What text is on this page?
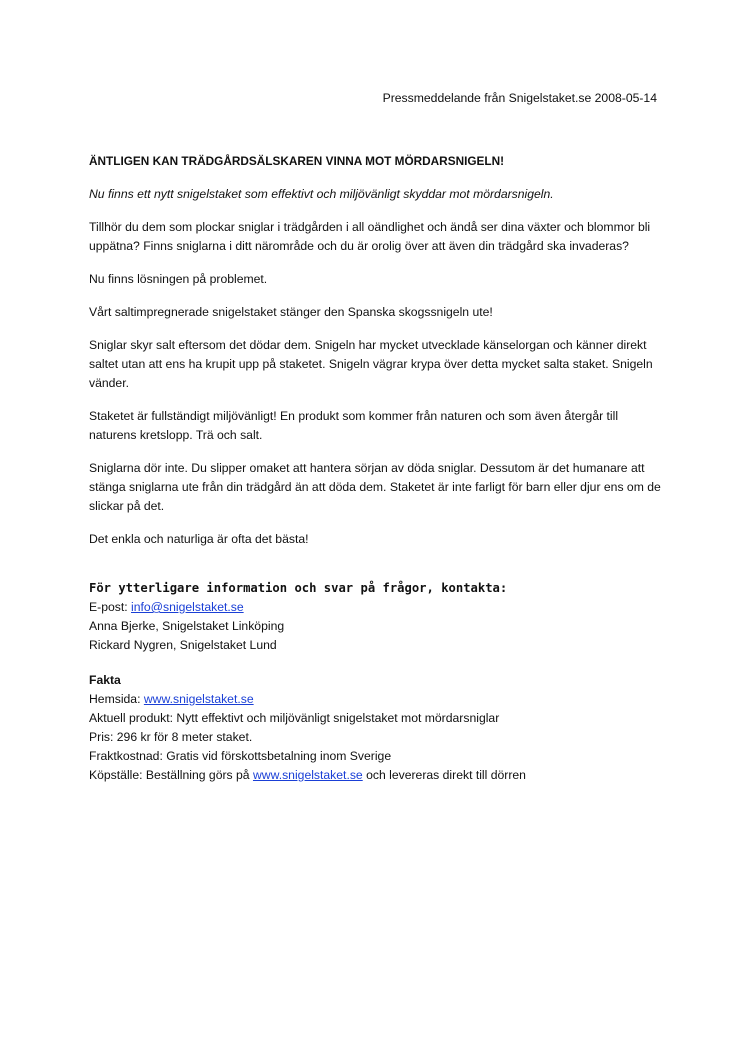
Pressmeddelande från Snigelstaket.se 2008-05-14

ÄNTLIGEN KAN TRÄDGÅRDSÄLSKAREN VINNA MOT MÖRDARSNIGELN!

Nu finns ett nytt snigelstaket som effektivt och miljövänligt skyddar mot mördarsnigeln.

Tillhör du dem som plockar sniglar i trädgården i all oändlighet och ändå ser dina växter och blommor bli uppätna? Finns sniglarna i ditt närområde och du är orolig över att även din trädgård ska invaderas?

Nu finns lösningen på problemet.

Vårt saltimpregnerade snigelstaket stänger den Spanska skogssnigeln ute!

Sniglar skyr salt eftersom det dödar dem. Snigeln har mycket utvecklade känselorgan och känner direkt saltet utan att ens ha krupit upp på staketet. Snigeln vägrar krypa över detta mycket salta staket. Snigeln vänder.

Staketet är fullständigt miljövänligt! En produkt som kommer från naturen och som även återgår till naturens kretslopp. Trä och salt.

Sniglarna dör inte. Du slipper omaket att hantera sörjan av döda sniglar. Dessutom är det humanare att stänga sniglarna ute från din trädgård än att döda dem. Staketet är inte farligt för barn eller djur ens om de slickar på det.

Det enkla och naturliga är ofta det bästa!

För ytterligare information och svar på frågor, kontakta:
E-post: info@snigelstaket.se
Anna Bjerke, Snigelstaket Linköping
Rickard Nygren, Snigelstaket Lund
Fakta
Hemsida: www.snigelstaket.se
Aktuell produkt: Nytt effektivt och miljövänligt snigelstaket mot mördarsniglar
Pris: 296 kr för 8 meter staket.
Fraktkostnad: Gratis vid förskottsbetalning inom Sverige
Köpställe: Beställning görs på www.snigelstaket.se och levereras direkt till dörren
